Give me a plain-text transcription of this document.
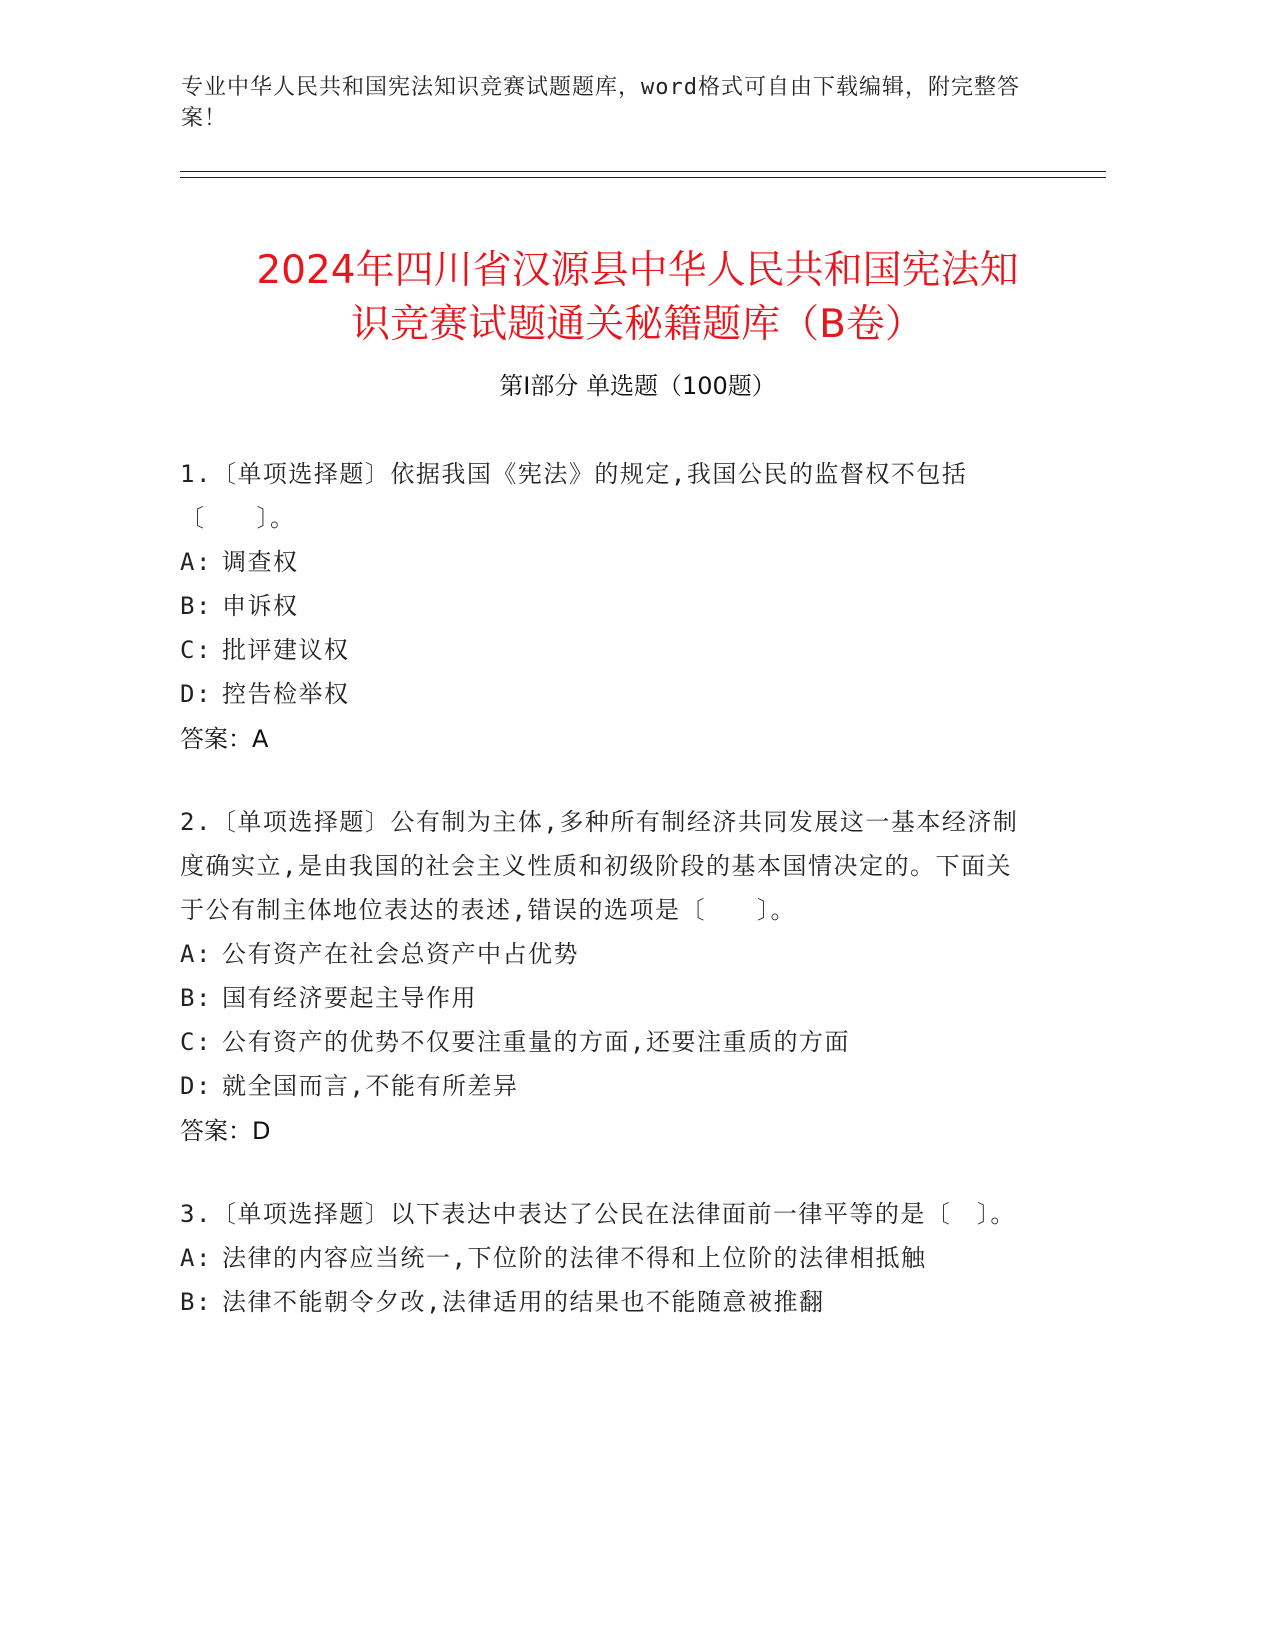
专业中华人民共和国宪法知识竞赛试题题库，word格式可自由下载编辑，附完整答案！
2024年四川省汉源县中华人民共和国宪法知
识竞赛试题通关秘籍题库（B卷）
第Ⅰ部分 单选题（100题）
1.〔单项选择题〕依据我国《宪法》的规定,我国公民的监督权不包括〔　　〕。
A: 调查权
B: 申诉权
C: 批评建议权
D: 控告检举权
答案：A
2.〔单项选择题〕公有制为主体,多种所有制经济共同发展这一基本经济制度确实立,是由我国的社会主义性质和初级阶段的基本国情决定的。下面关于公有制主体地位表达的表述,错误的选项是〔　　〕。
A: 公有资产在社会总资产中占优势
B: 国有经济要起主导作用
C: 公有资产的优势不仅要注重量的方面,还要注重质的方面
D: 就全国而言,不能有所差异
答案：D
3.〔单项选择题〕以下表达中表达了公民在法律面前一律平等的是〔　〕。
A: 法律的内容应当统一,下位阶的法律不得和上位阶的法律相抵触
B: 法律不能朝令夕改,法律适用的结果也不能随意被推翻
